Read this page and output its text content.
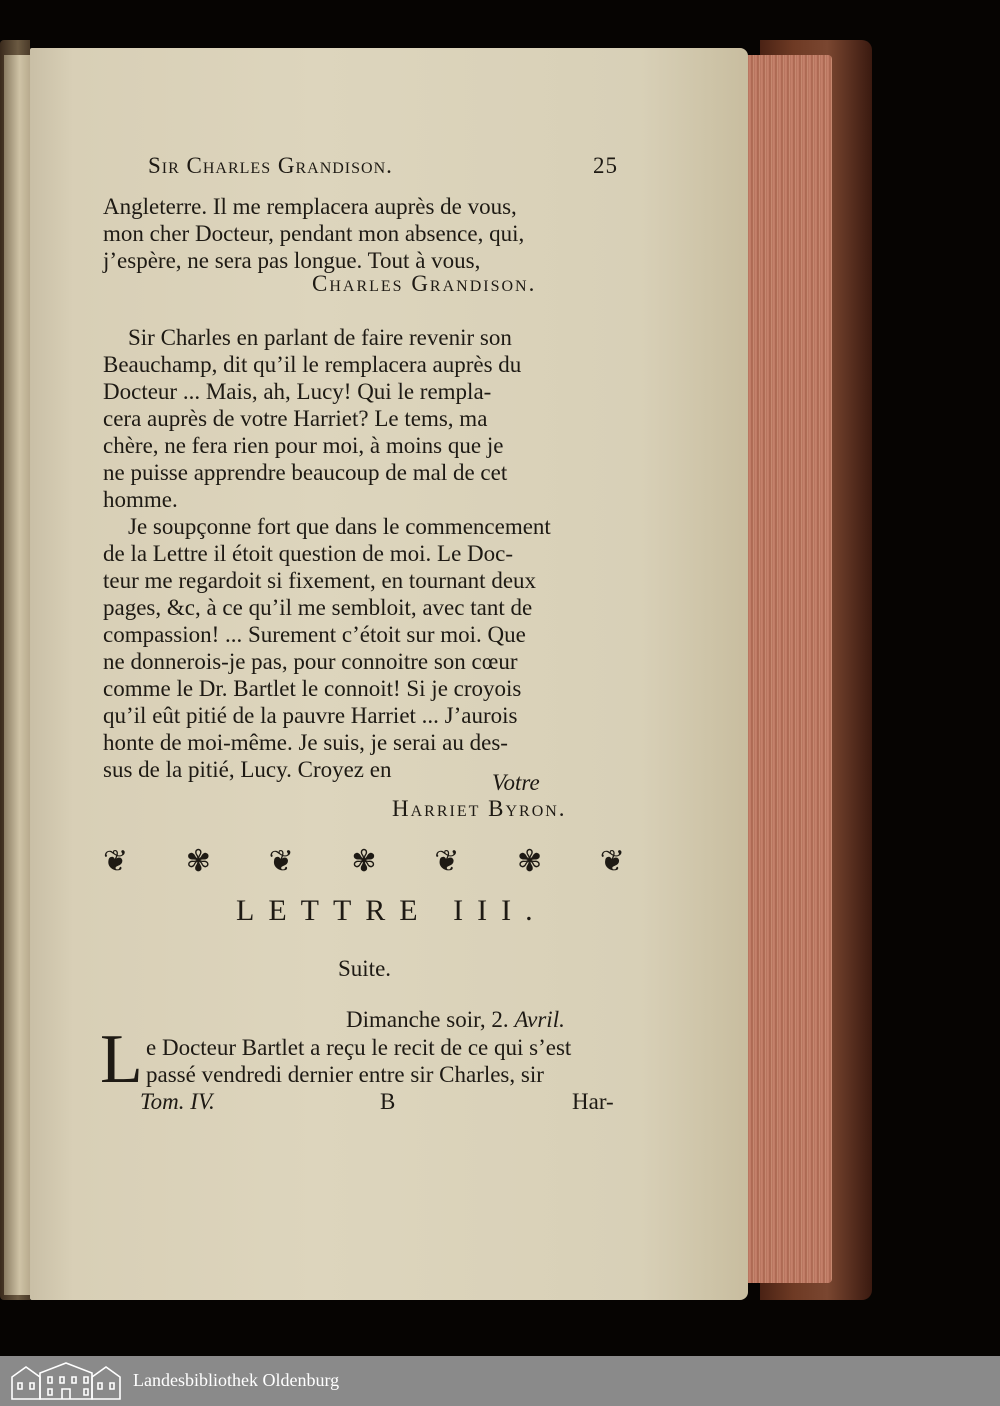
Sir Charles Grandison.	25
Angleterre. Il me remplacera auprès de vous,
mon cher Docteur, pendant mon absence, qui,
j’espère, ne sera pas longue. Tout à vous,
Charles Grandison.
Sir Charles en parlant de faire revenir son
Beauchamp, dit qu’il le remplacera auprès du
Docteur ... Mais, ah, Lucy! Qui le rempla-
cera auprès de votre Harriet? Le tems, ma
chère, ne fera rien pour moi, à moins que je
ne puisse apprendre beaucoup de mal de cet
homme.
Je soupçonne fort que dans le commencement
de la Lettre il étoit question de moi. Le Doc-
teur me regardoit si fixement, en tournant deux
pages, &c, à ce qu’il me sembloit, avec tant de
compassion! ... Surement c’étoit sur moi. Que
ne donnerois-je pas, pour connoitre son cœur
comme le Dr. Bartlet le connoit! Si je croyois
qu’il eût pitié de la pauvre Harriet ... J’aurois
honte de moi-même. Je suis, je serai au des-
sus de la pitié, Lucy. Croyez en
Votre
Harriet Byron.
❦ ✾ ❦ ✾ ❦ ✾ ❦
LETTRE III.
Suite.
Dimanche soir, 2. Avril.
L e Docteur Bartlet a reçu le recit de ce qui s’est
passé vendredi dernier entre sir Charles, sir
Tom. IV.	B	Har-
Landesbibliothek Oldenburg
